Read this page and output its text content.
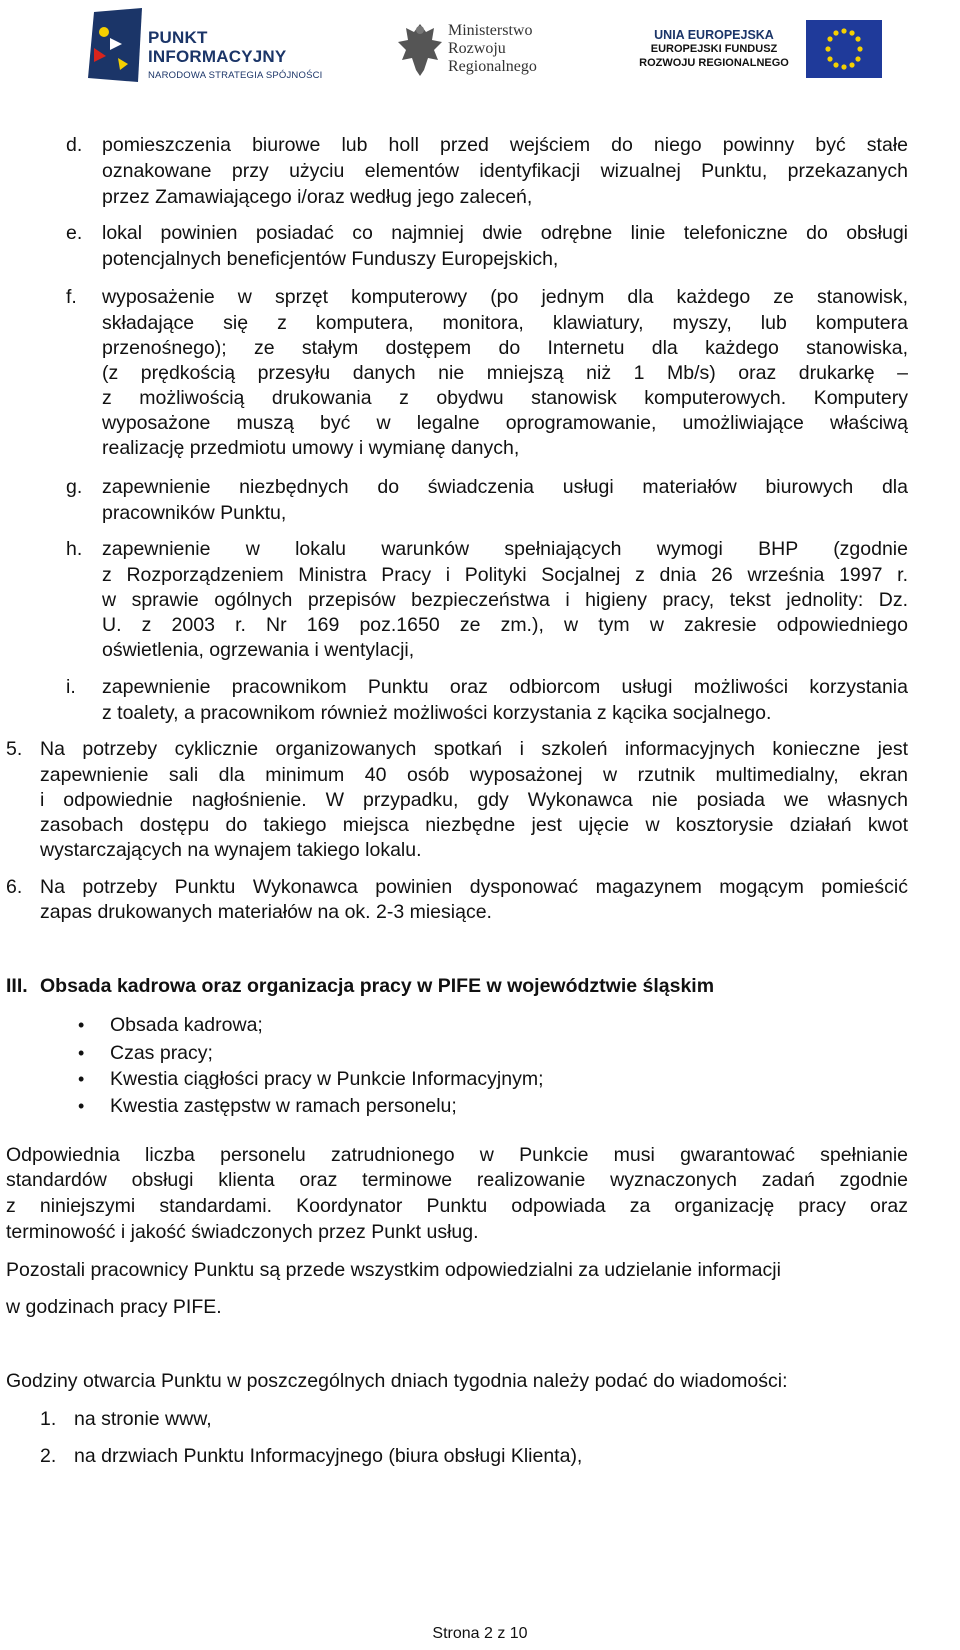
PUNKT
INFORMACYJNY
NARODOWA STRATEGIA SPÓJNOŚCI
Ministerstwo
Rozwoju
Regionalnego
UNIA EUROPEJSKA
EUROPEJSKI FUNDUSZ
ROZWOJU REGIONALNEGO
d. pomieszczenia biurowe lub holl przed wejściem do niego powinny być stałe
oznakowane przy użyciu elementów identyfikacji wizualnej Punktu, przekazanych
przez Zamawiającego i/oraz według jego zaleceń,
e. lokal powinien posiadać co najmniej dwie odrębne linie telefoniczne do obsługi
potencjalnych beneficjentów Funduszy Europejskich,
f. wyposażenie w sprzęt komputerowy (po jednym dla każdego ze stanowisk,
składające się z komputera, monitora, klawiatury, myszy, lub komputera
przenośnego); ze stałym dostępem do Internetu dla każdego stanowiska,
(z prędkością przesyłu danych nie mniejszą niż 1 Mb/s) oraz drukarkę –
z możliwością drukowania z obydwu stanowisk komputerowych. Komputery
wyposażone muszą być w legalne oprogramowanie, umożliwiające właściwą
realizację przedmiotu umowy i wymianę danych,
g. zapewnienie niezbędnych do świadczenia usługi materiałów biurowych dla
pracowników Punktu,
h. zapewnienie w lokalu warunków spełniających wymogi BHP (zgodnie
z Rozporządzeniem Ministra Pracy i Polityki Socjalnej z dnia 26 września 1997 r.
w sprawie ogólnych przepisów bezpieczeństwa i higieny pracy, tekst jednolity: Dz.
U. z 2003 r. Nr 169 poz.1650 ze zm.), w tym w zakresie odpowiedniego
oświetlenia, ogrzewania i wentylacji,
i. zapewnienie pracownikom Punktu oraz odbiorcom usługi możliwości korzystania
z toalety, a pracownikom również możliwości korzystania z kącika socjalnego.
5. Na potrzeby cyklicznie organizowanych spotkań i szkoleń informacyjnych konieczne jest
zapewnienie sali dla minimum 40 osób wyposażonej w rzutnik multimedialny, ekran
i odpowiednie nagłośnienie. W przypadku, gdy Wykonawca nie posiada we własnych
zasobach dostępu do takiego miejsca niezbędne jest ujęcie w kosztorysie działań kwot
wystarczających na wynajem takiego lokalu.
6. Na potrzeby Punktu Wykonawca powinien dysponować magazynem mogącym pomieścić
zapas drukowanych materiałów na ok. 2-3 miesiące.
III. Obsada kadrowa oraz organizacja pracy w PIFE w województwie śląskim
• Obsada kadrowa;
• Czas pracy;
• Kwestia ciągłości pracy w Punkcie Informacyjnym;
• Kwestia zastępstw w ramach personelu;
Odpowiednia liczba personelu zatrudnionego w Punkcie musi gwarantować spełnianie
standardów obsługi klienta oraz terminowe realizowanie wyznaczonych zadań zgodnie
z niniejszymi standardami. Koordynator Punktu odpowiada za organizację pracy oraz
terminowość i jakość świadczonych przez Punkt usług.
Pozostali pracownicy Punktu są przede wszystkim odpowiedzialni za udzielanie informacji
w godzinach pracy PIFE.
Godziny otwarcia Punktu w poszczególnych dniach tygodnia należy podać do wiadomości:
1. na stronie www,
2. na drzwiach Punktu Informacyjnego (biura obsługi Klienta),
Strona 2 z 10
